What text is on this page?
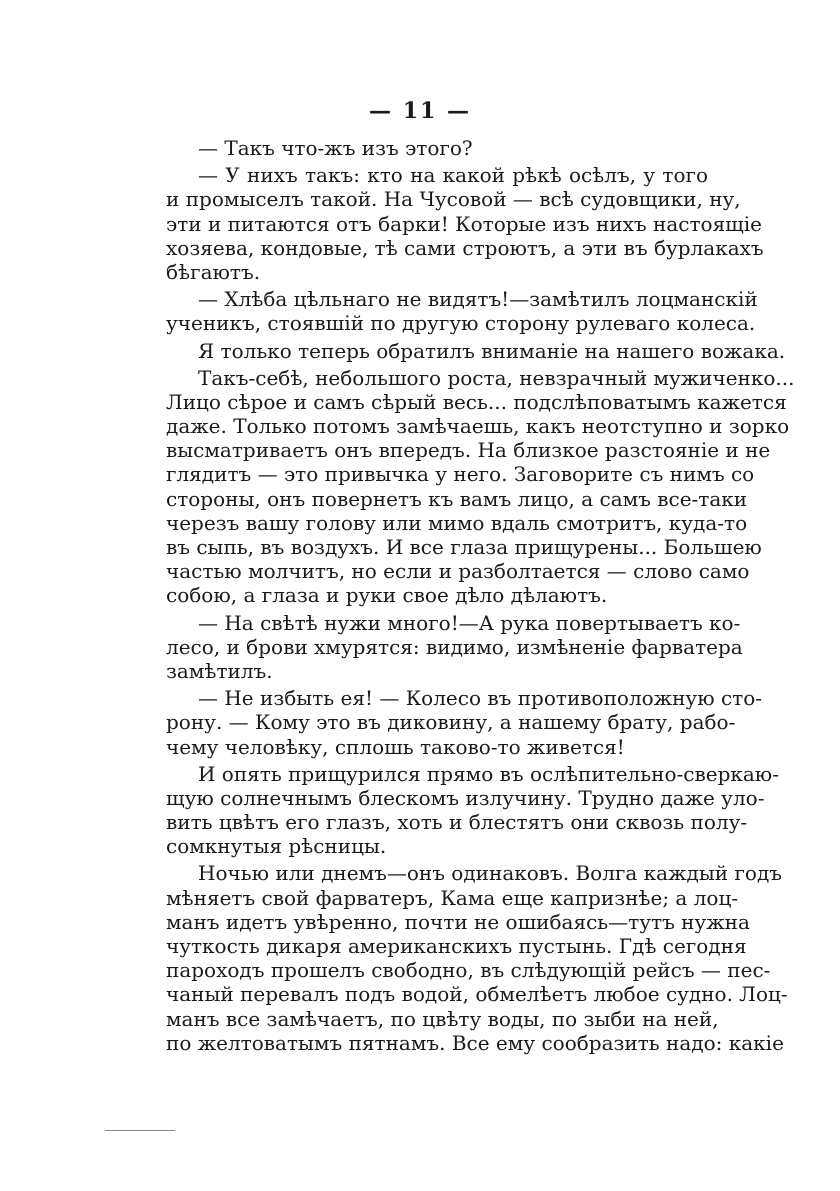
— 11 —
— Такъ что-жъ изъ этого?
— У нихъ такъ: кто на какой рѣкѣ осѣлъ, у того
и промыселъ такой. На Чусовой — всѣ судовщики, ну,
эти и питаются отъ барки! Которые изъ нихъ настоящіе
хозяева, кондовые, тѣ сами строютъ, а эти въ бурлакахъ
бѣгаютъ.
— Хлѣба цѣльнаго не видятъ!—замѣтилъ лоцманскій
ученикъ, стоявшій по другую сторону рулеваго колеса.
Я только теперь обратилъ вниманіе на нашего вожака.
Такъ-себѣ, небольшого роста, невзрачный мужиченко...
Лицо сѣрое и самъ сѣрый весь... подслѣповатымъ кажется
даже. Только потомъ замѣчаешь, какъ неотступно и зорко
высматриваетъ онъ впередъ. На близкое разстояніе и не
глядитъ — это привычка у него. Заговорите съ нимъ со
стороны, онъ повернетъ къ вамъ лицо, а самъ все-таки
черезъ вашу голову или мимо вдаль смотритъ, куда-то
въ сыпь, въ воздухъ. И все глаза прищурены... Большею
частью молчитъ, но если и разболтается — слово само
собою, а глаза и руки свое дѣло дѣлаютъ.
— На свѣтѣ нужи много!—А рука повертываетъ ко-
лесо, и брови хмурятся: видимо, измѣненіе фарватера
замѣтилъ.
— Не избыть ея! — Колесо въ противоположную сто-
рону. — Кому это въ диковину, а нашему брату, рабо-
чему человѣку, сплошь таково-то живется!
И опять прищурился прямо въ ослѣпительно-сверкаю-
щую солнечнымъ блескомъ излучину. Трудно даже уло-
вить цвѣтъ его глазъ, хоть и блестятъ они сквозь полу-
сомкнутыя рѣсницы.
Ночью или днемъ—онъ одинаковъ. Волга каждый годъ
мѣняетъ свой фарватеръ, Кама еще капризнѣе; а лоц-
манъ идетъ увѣренно, почти не ошибаясь—тутъ нужна
чуткость дикаря американскихъ пустынь. Гдѣ сегодня
пароходъ прошелъ свободно, въ слѣдующій рейсъ — пес-
чаный перевалъ подъ водой, обмелѣетъ любое судно. Лоц-
манъ все замѣчаетъ, по цвѣту воды, по зыби на ней,
по желтоватымъ пятнамъ. Все ему сообразить надо: какіе
